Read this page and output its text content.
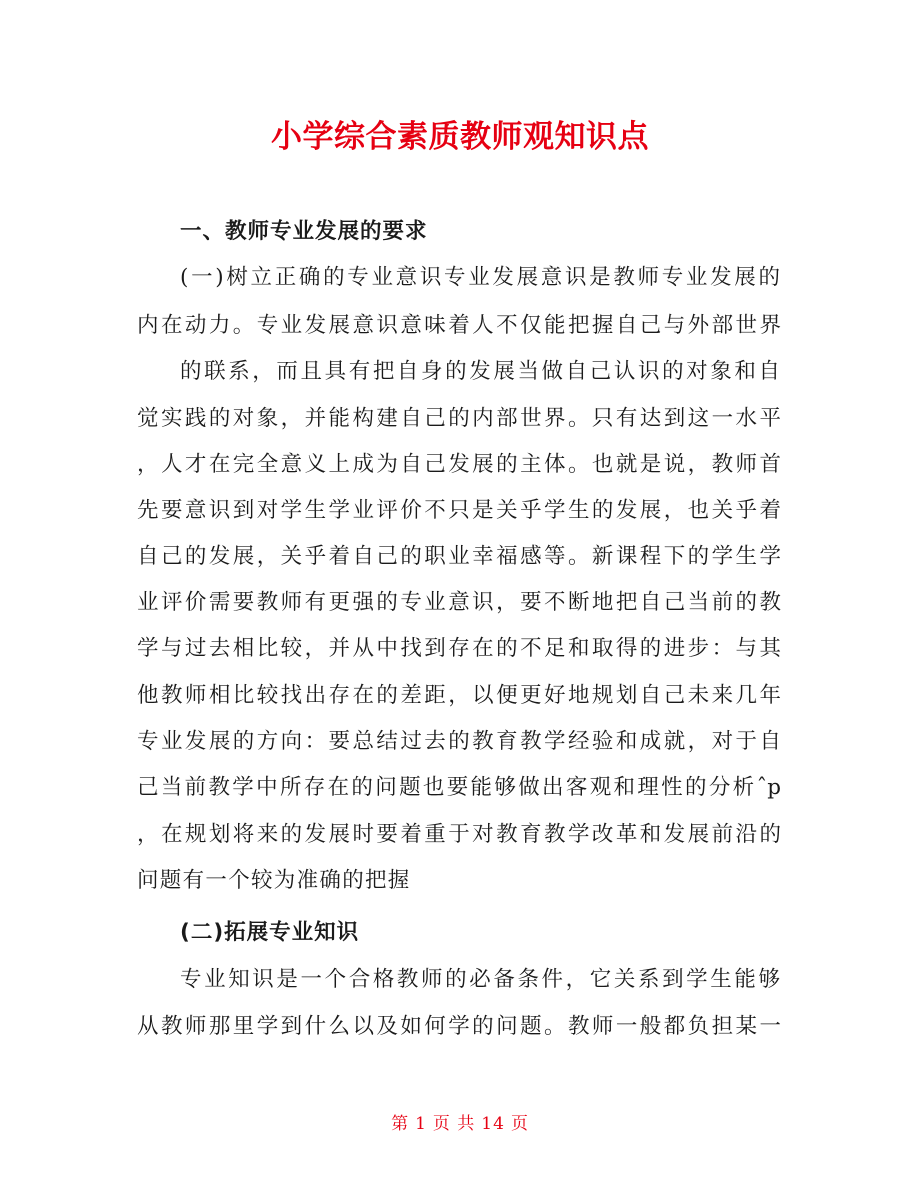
小学综合素质教师观知识点
一、教师专业发展的要求
(一)树立正确的专业意识专业发展意识是教师专业发展的
内在动力。专业发展意识意味着人不仅能把握自己与外部世界
的联系，而且具有把自身的发展当做自己认识的对象和自
觉实践的对象，并能构建自己的内部世界。只有达到这一水平
，人才在完全意义上成为自己发展的主体。也就是说，教师首
先要意识到对学生学业评价不只是关乎学生的发展，也关乎着
自己的发展，关乎着自己的职业幸福感等。新课程下的学生学
业评价需要教师有更强的专业意识，要不断地把自己当前的教
学与过去相比较，并从中找到存在的不足和取得的进步：与其
他教师相比较找出存在的差距，以便更好地规划自己未来几年
专业发展的方向：要总结过去的教育教学经验和成就，对于自
己当前教学中所存在的问题也要能够做出客观和理性的分析ˆp
，在规划将来的发展时要着重于对教育教学改革和发展前沿的
问题有一个较为准确的把握
(二)拓展专业知识
专业知识是一个合格教师的必备条件，它关系到学生能够
从教师那里学到什么以及如何学的问题。教师一般都负担某一
第 1 页 共 14 页
